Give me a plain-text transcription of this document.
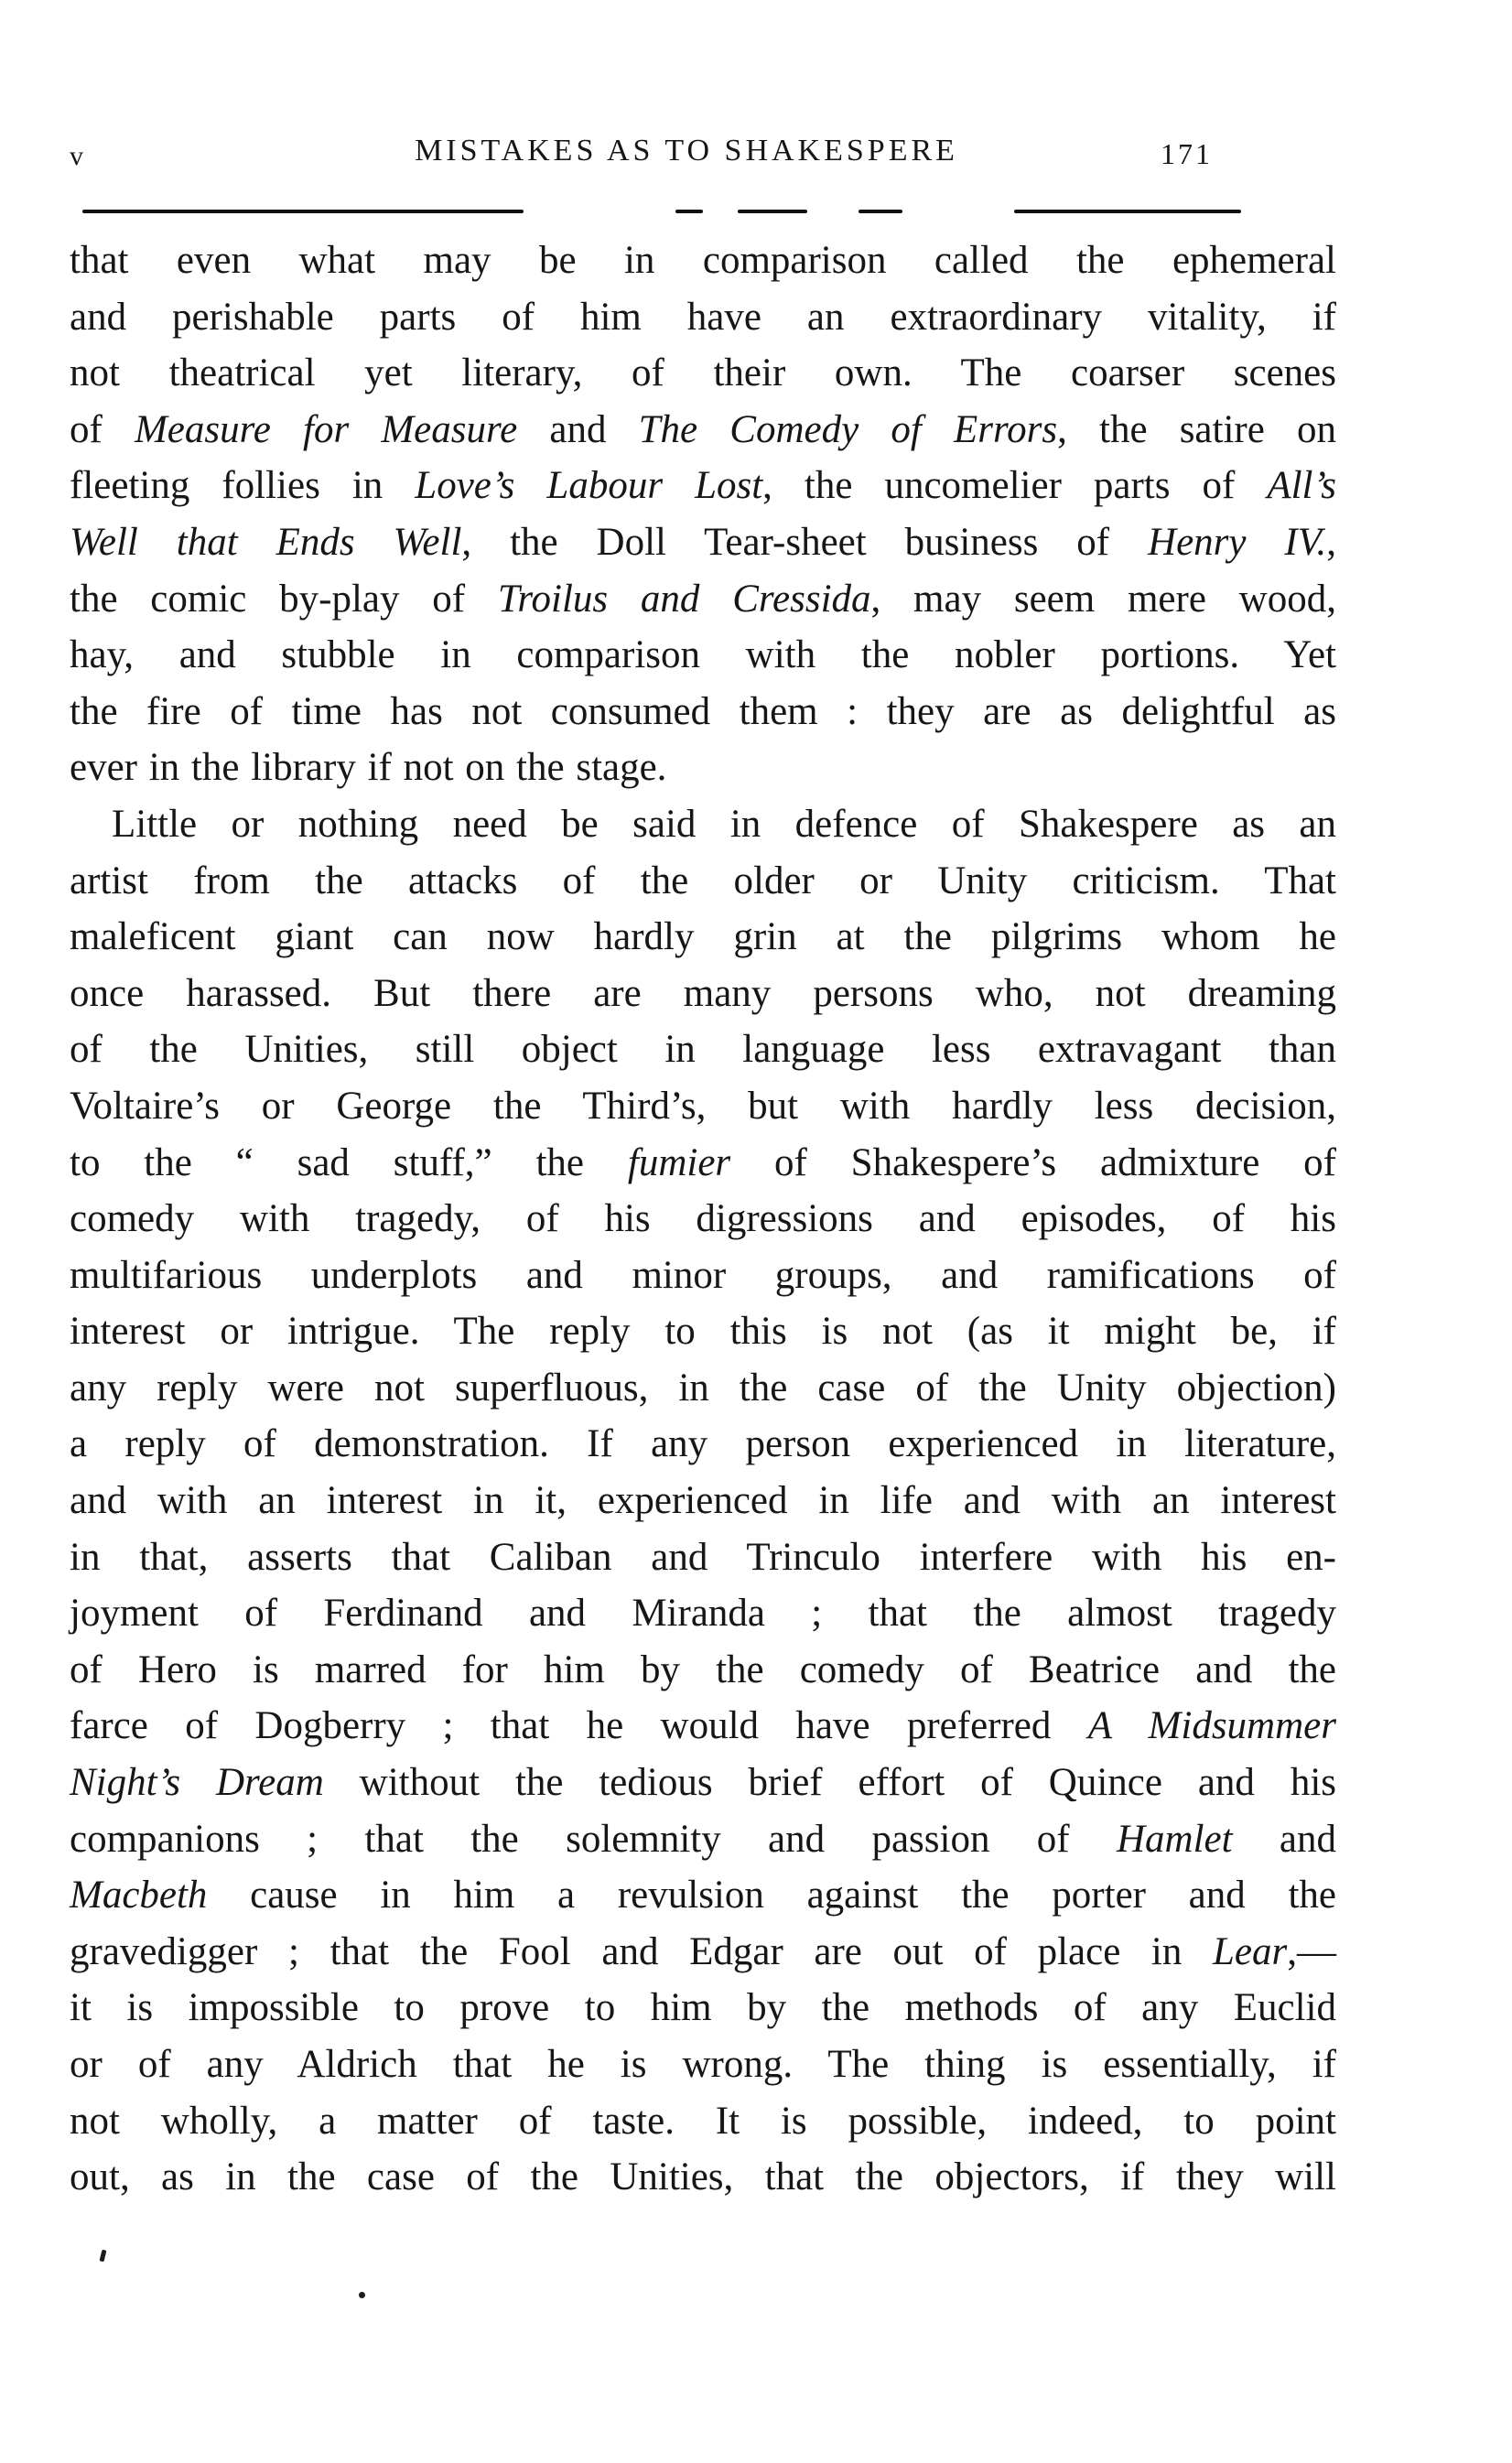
v	MISTAKES AS TO SHAKESPERE	171
that even what may be in comparison called the ephemeral
and perishable parts of him have an extraordinary vitality, if
not theatrical yet literary, of their own. The coarser scenes
of Measure for Measure and The Comedy of Errors, the satire on
fleeting follies in Love’s Labour Lost, the uncomelier parts of All’s
Well that Ends Well, the Doll Tear-sheet business of Henry IV.,
the comic by-play of Troilus and Cressida, may seem mere wood,
hay, and stubble in comparison with the nobler portions. Yet
the fire of time has not consumed them : they are as delightful as
ever in the library if not on the stage.
Little or nothing need be said in defence of Shakespere as an
artist from the attacks of the older or Unity criticism. That
maleficent giant can now hardly grin at the pilgrims whom he
once harassed. But there are many persons who, not dreaming
of the Unities, still object in language less extravagant than
Voltaire’s or George the Third’s, but with hardly less decision,
to the “ sad stuff,” the fumier of Shakespere’s admixture of
comedy with tragedy, of his digressions and episodes, of his
multifarious underplots and minor groups, and ramifications of
interest or intrigue. The reply to this is not (as it might be, if
any reply were not superfluous, in the case of the Unity objection)
a reply of demonstration. If any person experienced in literature,
and with an interest in it, experienced in life and with an interest
in that, asserts that Caliban and Trinculo interfere with his en-
joyment of Ferdinand and Miranda ; that the almost tragedy
of Hero is marred for him by the comedy of Beatrice and the
farce of Dogberry ; that he would have preferred A Midsummer
Night’s Dream without the tedious brief effort of Quince and his
companions ; that the solemnity and passion of Hamlet and
Macbeth cause in him a revulsion against the porter and the
gravedigger ; that the Fool and Edgar are out of place in Lear,—
it is impossible to prove to him by the methods of any Euclid
or of any Aldrich that he is wrong. The thing is essentially, if
not wholly, a matter of taste. It is possible, indeed, to point
out, as in the case of the Unities, that the objectors, if they will
